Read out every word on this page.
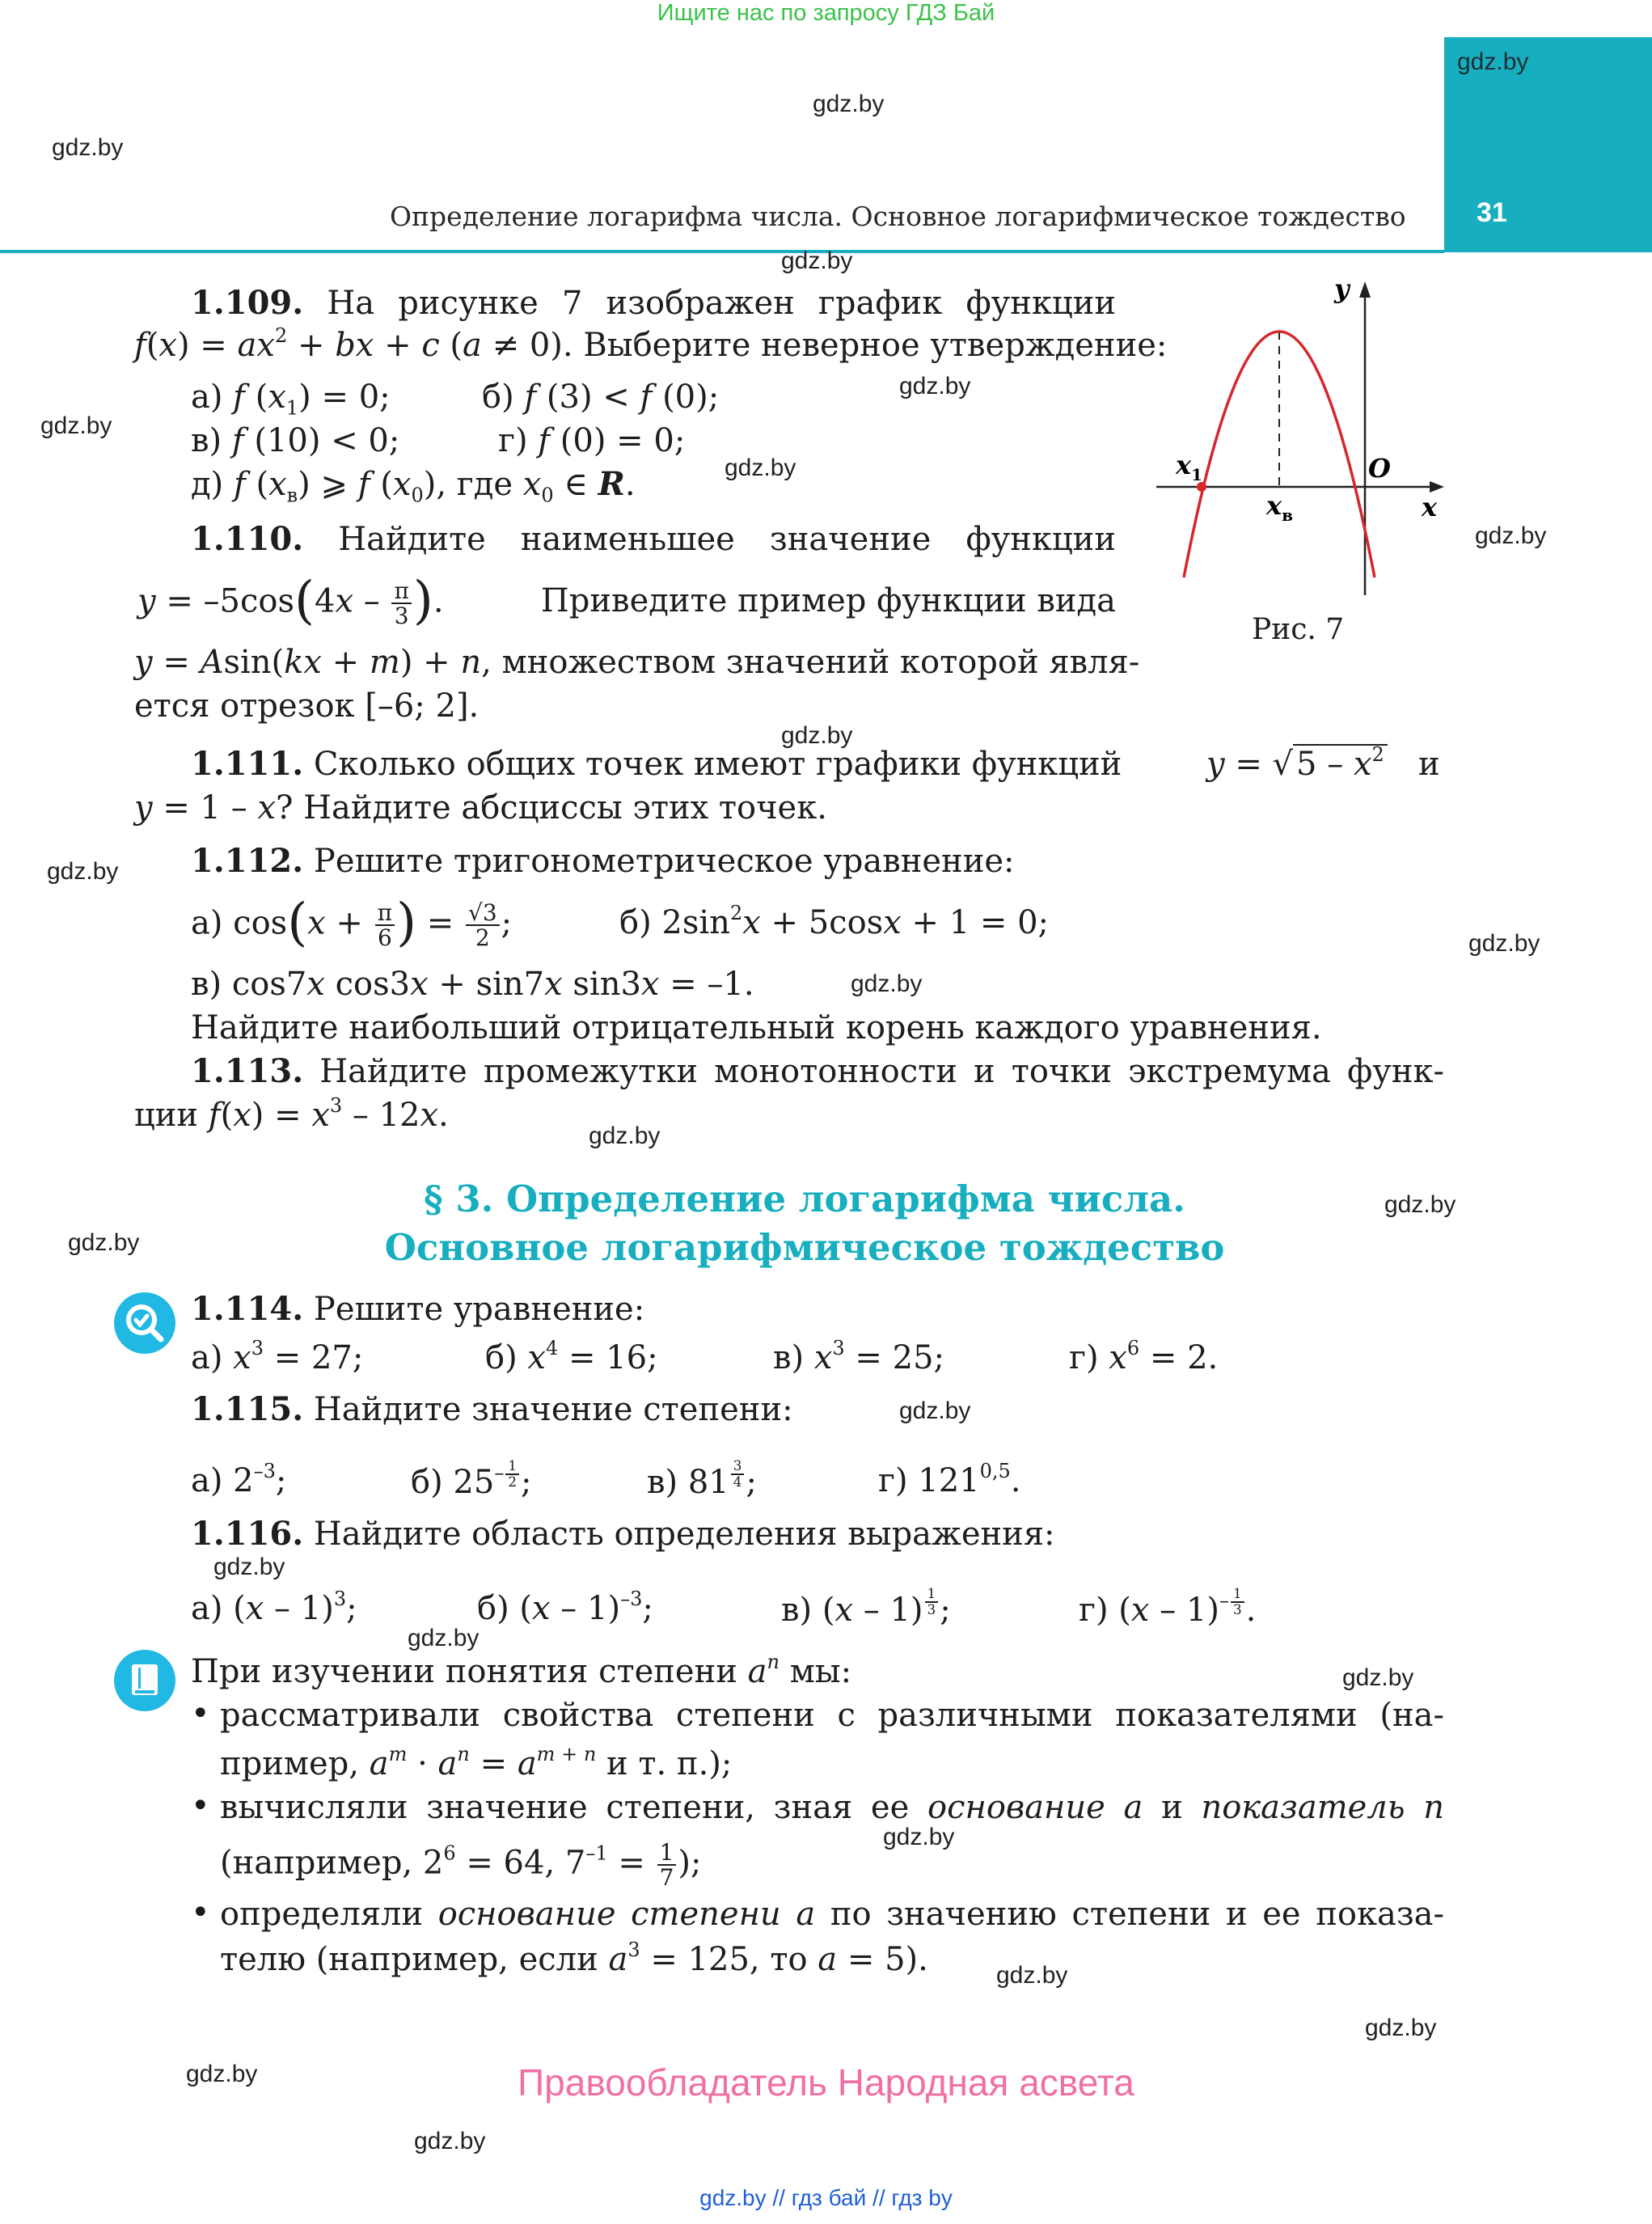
Ищите нас по запросу ГДЗ Бай
gdz.by
31
Определение логарифма числа. Основное логарифмическое тождество
gdz.by
gdz.by
gdz.by
gdz.by
gdz.by
gdz.by
gdz.by
gdz.by
gdz.by
gdz.by
gdz.by
gdz.by
gdz.by
gdz.by
gdz.by
gdz.by
gdz.by
gdz.by
gdz.by
gdz.by
gdz.by
gdz.by
gdz.by
1.109. На рисунке 7 изображен график функции
$f(x) = ax^2$ + bx + c (a ≠ 0). Выберите неверное утверждение:
а) f $(x_1) = 0$;	б) f (3) < f (0);
в) f (10) < 0;	г) f (0) = 0;
д) f $(x_в)$ ⩾ f $(x_0)$, где $x_0$ ∈ R.
1.110. Найдите наименьшее значение функции
$y = -5\cos(4x - \frac{\pi}{3}$ ).	Приведите пример функции вида
y = Asin(kx + m) + n, множеством значений которой явля-
ется отрезок [–6; 2].
1.111. Сколько общих точек имеют графики функций	y = √ $5 - x^2$ и
y = 1 – x? Найдите абсциссы этих точек.
1.112. Решите тригонометрическое уравнение:
а) $\cos(x + \frac{\pi}{6}$ ) = $\frac{√3}{2}$ ;	б) $2\sin^2x + 5\cos x + 1 = 0$;
в) cos7x cos3x + sin7x sin3x = –1.
Найдите наибольший отрицательный корень каждого уравнения.
1.113. Найдите промежутки монотонности и точки экстремума функ-
ции $f(x) = x^3 - 12x$.
§ 3. Определение логарифма числа.
Основное логарифмическое тождество
1.114. Решите уравнение:
а) $x^3 = 27$;	б) $x^4 = 16$;	в) $x^3 = 25$;	г) $x^6 = 2$.
1.115. Найдите значение степени:
а) $2^{-3}$;	б) $25^{- \frac{1}{2}}$ ;	в) 81 $^{\frac{3}{4}}$ ;	г) 121$^{0,5}$.
1.116. Найдите область определения выражения:
а) (x – 1)$^3$;	б) (x – 1)$^{-3}$;	в) (x – 1) $^{\frac{1}{3}}$ ;	г) (x – 1)$^{- \frac{1}{3}}$ .
При изучении понятия степени $a^n$ мы:
• рассматривали свойства степени с различными показателями (на-
пример, $a^m \cdot a^n = a^{m + n}$ и т. п.);
• вычисляли значение степени, зная ее основание a и показатель n
(например, $2^6 = 64$, $7^{-1} = \frac{1}{7}$ );
• определяли основание степени a по значению степени и ее показа-
телю (например, если $a^3 = 125$, то a = 5).
y
x
O
$x_1$
$x_в$
Рис. 7
Правообладатель Народная асвета
gdz.by // гдз бай // гдз by
